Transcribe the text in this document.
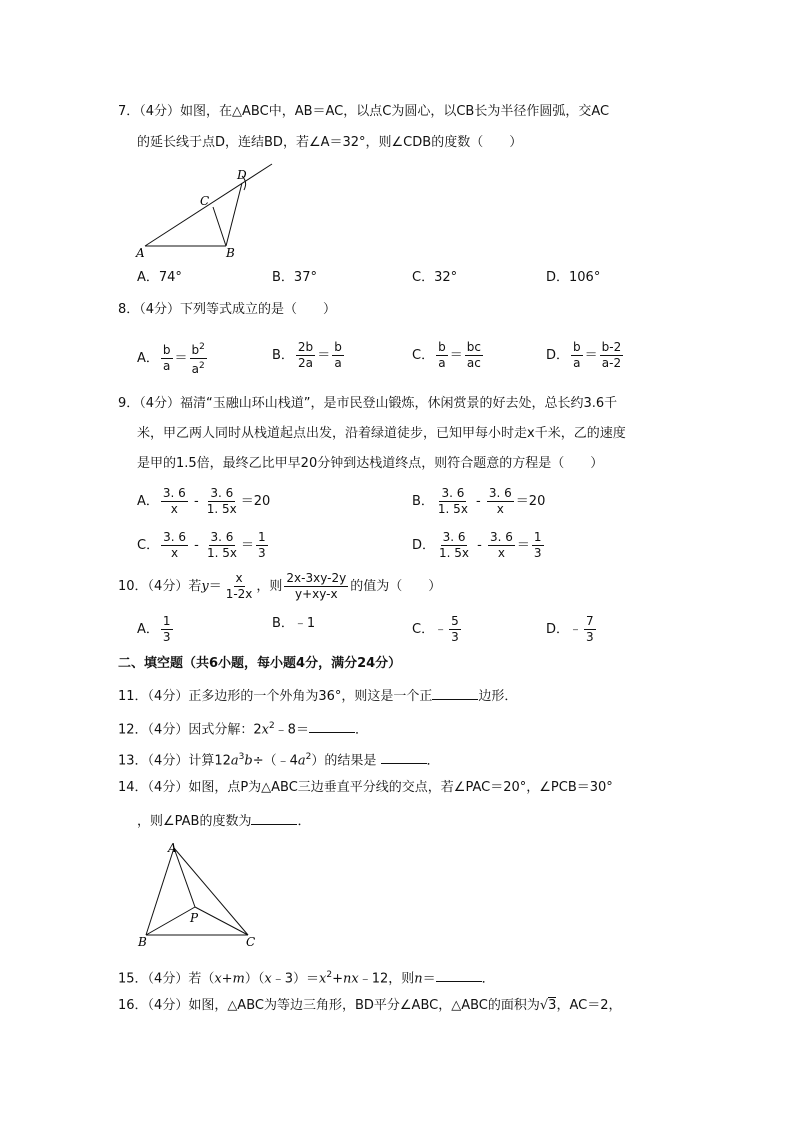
7．（4分）如图，在△ABC中，AB＝AC，以点C为圆心，以CB长为半径作圆弧，交AC
的延长线于点D，连结BD，若∠A＝32°，则∠CDB的度数（　　）
A	B
C
D
A．74°	B．37°	C．32°	D．106°
8．（4分）下列等式成立的是（　　）
A． $\frac{b}{a} = \frac{b^2}{a^2}$	B． $\frac{2b}{2a} = \frac{b}{a}$	C． $\frac{b}{a} = \frac{bc}{ac}$	D． $\frac{b}{a} = \frac{b-2}{a-2}$
9．（4分）福清“玉融山环山栈道”，是市民登山锻炼，休闲赏景的好去处，总长约3.6千
米，甲乙两人同时从栈道起点出发，沿着绿道徒步，已知甲每小时走x千米，乙的速度
是甲的1.5倍，最终乙比甲早20分钟到达栈道终点，则符合题意的方程是（　　）
A． $\frac{3. 6}{x} - \frac{3. 6}{1. 5x} =20$	B． $\frac{3. 6}{1. 5x} - \frac{3. 6}{x} =20$
C． $\frac{3. 6}{x} - \frac{3. 6}{1. 5x} = \frac{1}{3}$	D． $\frac{3. 6}{1. 5x} - \frac{3. 6}{x} = \frac{1}{3}$
10．（4分）若$y= \frac{x}{1-2x}$ ，则 $\frac{2x-3xy-2y}{y+xy-x}$ 的值为（　　）
A． $\frac{1}{3}$	B．﹣1	C．﹣ $\frac{5}{3}$	D．﹣ $\frac{7}{3}$
二、填空题（共6小题，每小题4分，满分24分）
11．（4分）正多边形的一个外角为36°，则这是一个正	边形．
12．（4分）因式分解：$2x^2﹣8=$	．
13．（4分）计算$12a^3b\div(﹣4a^2)$的结果是	．
14．（4分）如图，点P为△ABC三边垂直平分线的交点，若∠PAC＝20°，∠PCB＝30°
，则∠PAB的度数为	．
A
B	C
P
15．（4分）若$(x+m)(x﹣3)=x^2+nx﹣12$，则n＝	．
16．（4分）如图，△ABC为等边三角形，BD平分∠ABC，△ABC的面积为√3，AC＝2，
